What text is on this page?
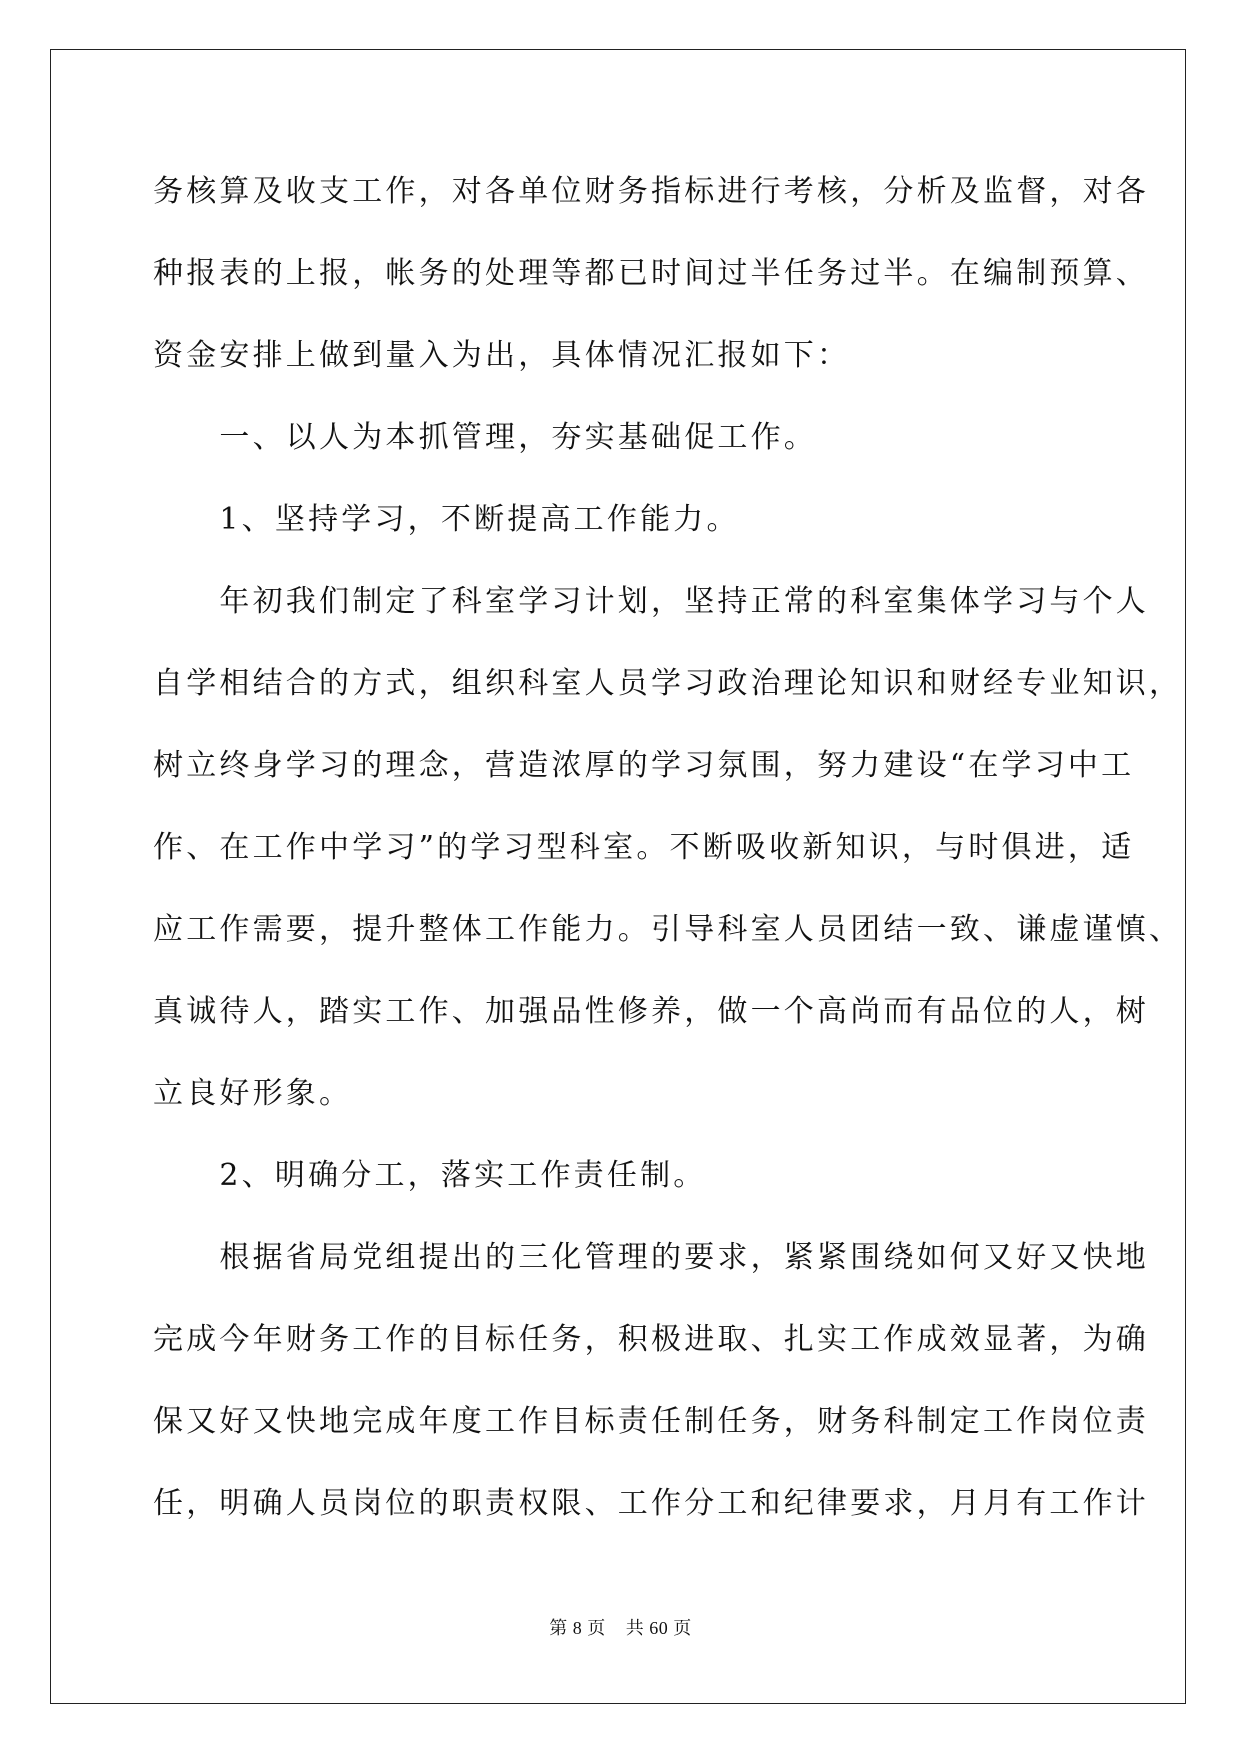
务核算及收支工作，对各单位财务指标进行考核，分析及监督，对各
种报表的上报，帐务的处理等都已时间过半任务过半。在编制预算、
资金安排上做到量入为出，具体情况汇报如下：
　　一、以人为本抓管理，夯实基础促工作。
　　1、坚持学习，不断提高工作能力。
　　年初我们制定了科室学习计划，坚持正常的科室集体学习与个人
自学相结合的方式，组织科室人员学习政治理论知识和财经专业知识，
树立终身学习的理念，营造浓厚的学习氛围，努力建设“在学习中工
作、在工作中学习”的学习型科室。不断吸收新知识，与时俱进，适
应工作需要，提升整体工作能力。引导科室人员团结一致、谦虚谨慎、
真诚待人，踏实工作、加强品性修养，做一个高尚而有品位的人，树
立良好形象。
　　2、明确分工，落实工作责任制。
　　根据省局党组提出的三化管理的要求，紧紧围绕如何又好又快地
完成今年财务工作的目标任务，积极进取、扎实工作成效显著，为确
保又好又快地完成年度工作目标责任制任务，财务科制定工作岗位责
任，明确人员岗位的职责权限、工作分工和纪律要求，月月有工作计
第 8 页 共 60 页
